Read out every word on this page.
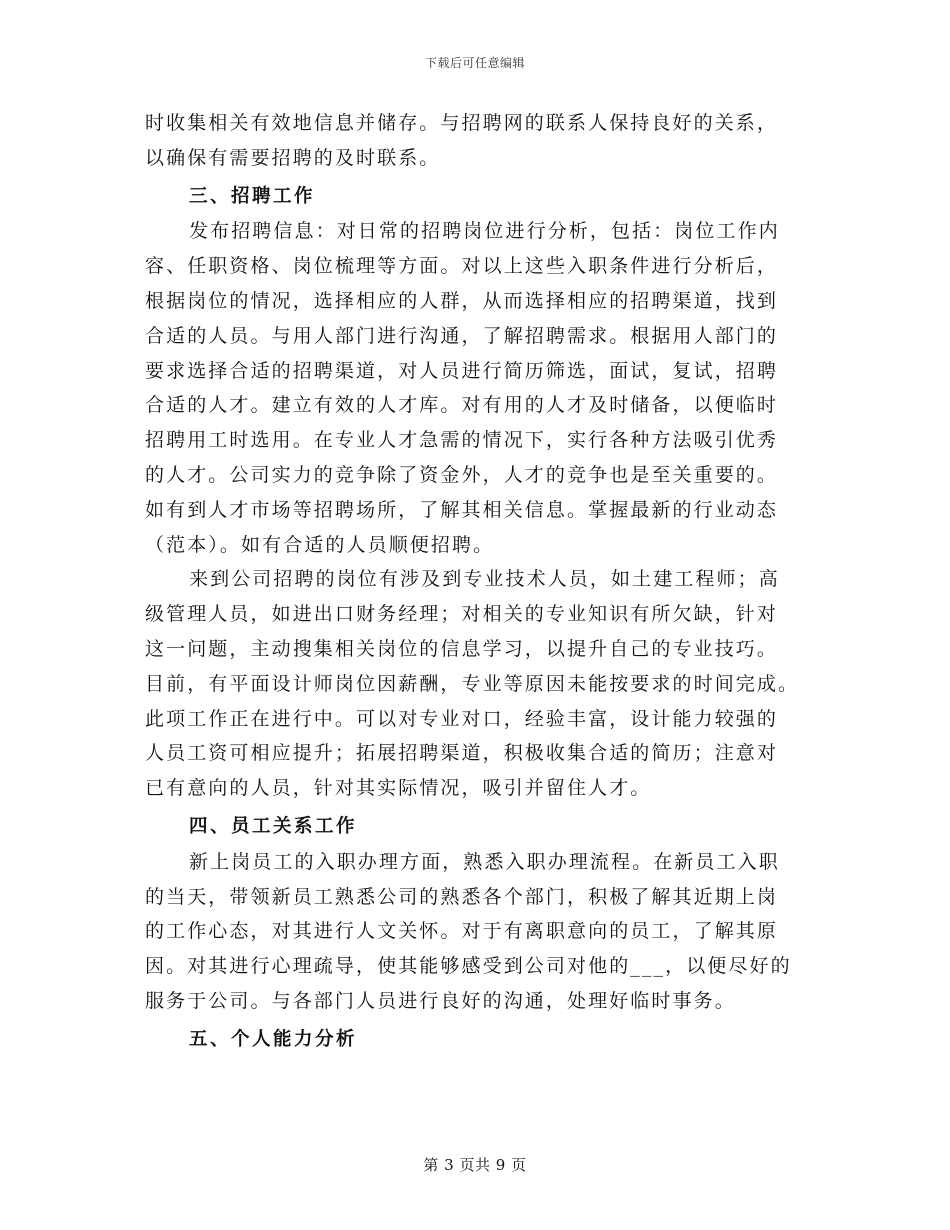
下载后可任意编辑
时收集相关有效地信息并储存。与招聘网的联系人保持良好的关系，
以确保有需要招聘的及时联系。
三、招聘工作
发布招聘信息：对日常的招聘岗位进行分析，包括：岗位工作内
容、任职资格、岗位梳理等方面。对以上这些入职条件进行分析后，
根据岗位的情况，选择相应的人群，从而选择相应的招聘渠道，找到
合适的人员。与用人部门进行沟通，了解招聘需求。根据用人部门的
要求选择合适的招聘渠道，对人员进行简历筛选，面试，复试，招聘
合适的人才。建立有效的人才库。对有用的人才及时储备，以便临时
招聘用工时选用。在专业人才急需的情况下，实行各种方法吸引优秀
的人才。公司实力的竞争除了资金外，人才的竞争也是至关重要的。
如有到人才市场等招聘场所，了解其相关信息。掌握最新的行业动态
（范本）。如有合适的人员顺便招聘。
来到公司招聘的岗位有涉及到专业技术人员，如土建工程师；高
级管理人员，如进出口财务经理；对相关的专业知识有所欠缺，针对
这一问题，主动搜集相关岗位的信息学习，以提升自己的专业技巧。
目前，有平面设计师岗位因薪酬，专业等原因未能按要求的时间完成。
此项工作正在进行中。可以对专业对口，经验丰富，设计能力较强的
人员工资可相应提升；拓展招聘渠道，积极收集合适的简历；注意对
已有意向的人员，针对其实际情况，吸引并留住人才。
四、员工关系工作
新上岗员工的入职办理方面，熟悉入职办理流程。在新员工入职
的当天，带领新员工熟悉公司的熟悉各个部门，积极了解其近期上岗
的工作心态，对其进行人文关怀。对于有离职意向的员工，了解其原
因。对其进行心理疏导，使其能够感受到公司对他的___，以便尽好的
服务于公司。与各部门人员进行良好的沟通，处理好临时事务。
五、个人能力分析
第 3 页共 9 页
